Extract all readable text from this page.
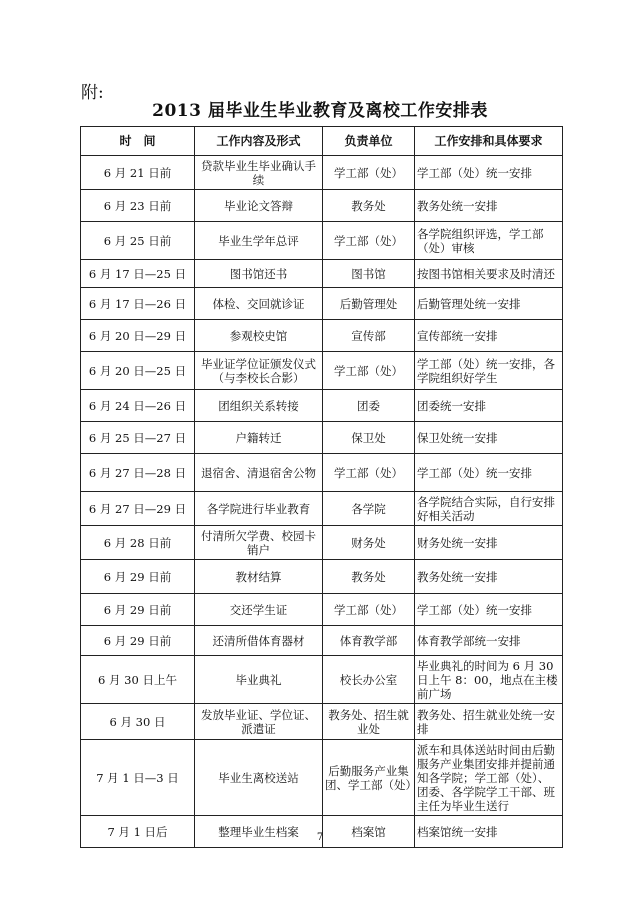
附:
2013 届毕业生毕业教育及离校工作安排表
时　间	工作内容及形式	负责单位	工作安排和具体要求
6 月 21 日前	贷款毕业生毕业确认手续	学工部（处）	学工部（处）统一安排
6 月 23 日前	毕业论文答辩	教务处	教务处统一安排
6 月 25 日前	毕业生学年总评	学工部（处）	各学院组织评选，学工部（处）审核
6 月 17 日—25 日	图书馆还书	图书馆	按图书馆相关要求及时清还
6 月 17 日—26 日	体检、交回就诊证	后勤管理处	后勤管理处统一安排
6 月 20 日—29 日	参观校史馆	宣传部	宣传部统一安排
6 月 20 日—25 日	毕业证学位证颁发仪式（与李校长合影）	学工部（处）	学工部（处）统一安排，各学院组织好学生
6 月 24 日—26 日	团组织关系转接	团委	团委统一安排
6 月 25 日—27 日	户籍转迁	保卫处	保卫处统一安排
6 月 27 日—28 日	退宿舍、清退宿舍公物	学工部（处）	学工部（处）统一安排
6 月 27 日—29 日	各学院进行毕业教育	各学院	各学院结合实际，自行安排好相关活动
6 月 28 日前	付清所欠学费、校园卡销户	财务处	财务处统一安排
6 月 29 日前	教材结算	教务处	教务处统一安排
6 月 29 日前	交还学生证	学工部（处）	学工部（处）统一安排
6 月 29 日前	还清所借体育器材	体育教学部	体育教学部统一安排
6 月 30 日上午	毕业典礼	校长办公室	毕业典礼的时间为 6 月 30 日上午 8：00，地点在主楼前广场
6 月 30 日	发放毕业证、学位证、派遣证	教务处、招生就业处	教务处、招生就业处统一安排
7 月 1 日—3 日	毕业生离校送站	后勤服务产业集团、学工部（处）	派车和具体送站时间由后勤服务产业集团安排并提前通知各学院；学工部（处）、团委、各学院学工干部、班主任为毕业生送行
7 月 1 日后	整理毕业生档案	档案馆	档案馆统一安排
7
